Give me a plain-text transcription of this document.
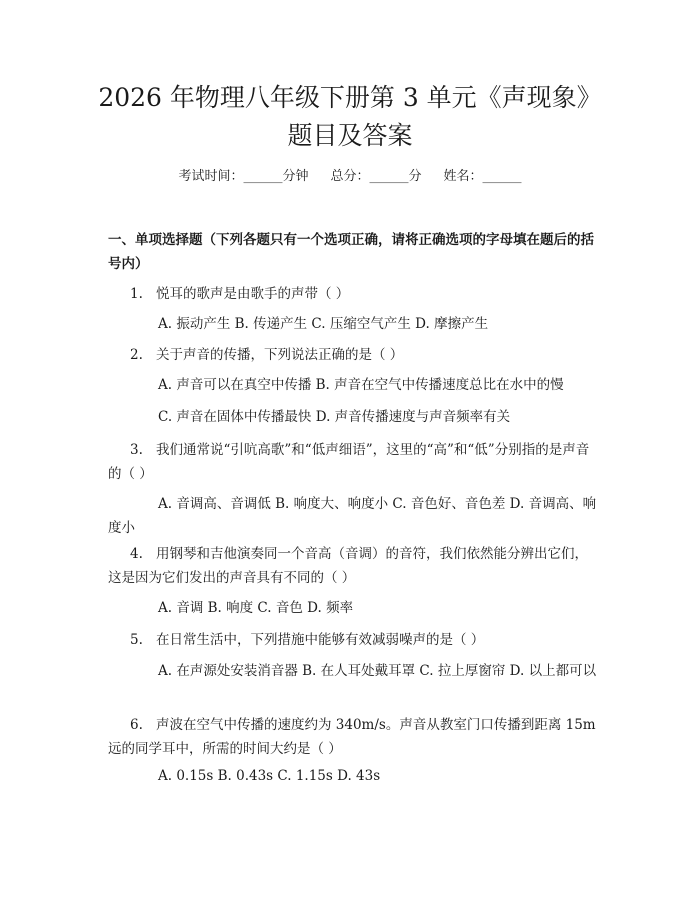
2026 年物理八年级下册第 3 单元《声现象》
题目及答案
考试时间：______分钟 总分：______分 姓名：______
一、单项选择题（下列各题只有一个选项正确，请将正确选项的字母填在题后的括号内）

1. 悦耳的歌声是由歌手的声带（ ）

A. 振动产生 B. 传递产生 C. 压缩空气产生 D. 摩擦产生

2. 关于声音的传播，下列说法正确的是（ ）

A. 声音可以在真空中传播 B. 声音在空气中传播速度总比在水中的慢

C. 声音在固体中传播最快 D. 声音传播速度与声音频率有关

3. 我们通常说“引吭高歌”和“低声细语”，这里的“高”和“低”分别指的是声音的（ ）

A. 音调高、音调低 B. 响度大、响度小 C. 音色好、音色差 D. 音调高、响度小

4. 用钢琴和吉他演奏同一个音高（音调）的音符，我们依然能分辨出它们，这是因为它们发出的声音具有不同的（ ）

A. 音调 B. 响度 C. 音色 D. 频率

5. 在日常生活中，下列措施中能够有效减弱噪声的是（ ）

A. 在声源处安装消音器 B. 在人耳处戴耳罩 C. 拉上厚窗帘 D. 以上都可以

6. 声波在空气中传播的速度约为 340m/s。声音从教室门口传播到距离 15m 远的同学耳中，所需的时间大约是（ ）

A. 0.15s B. 0.43s C. 1.15s D. 43s
